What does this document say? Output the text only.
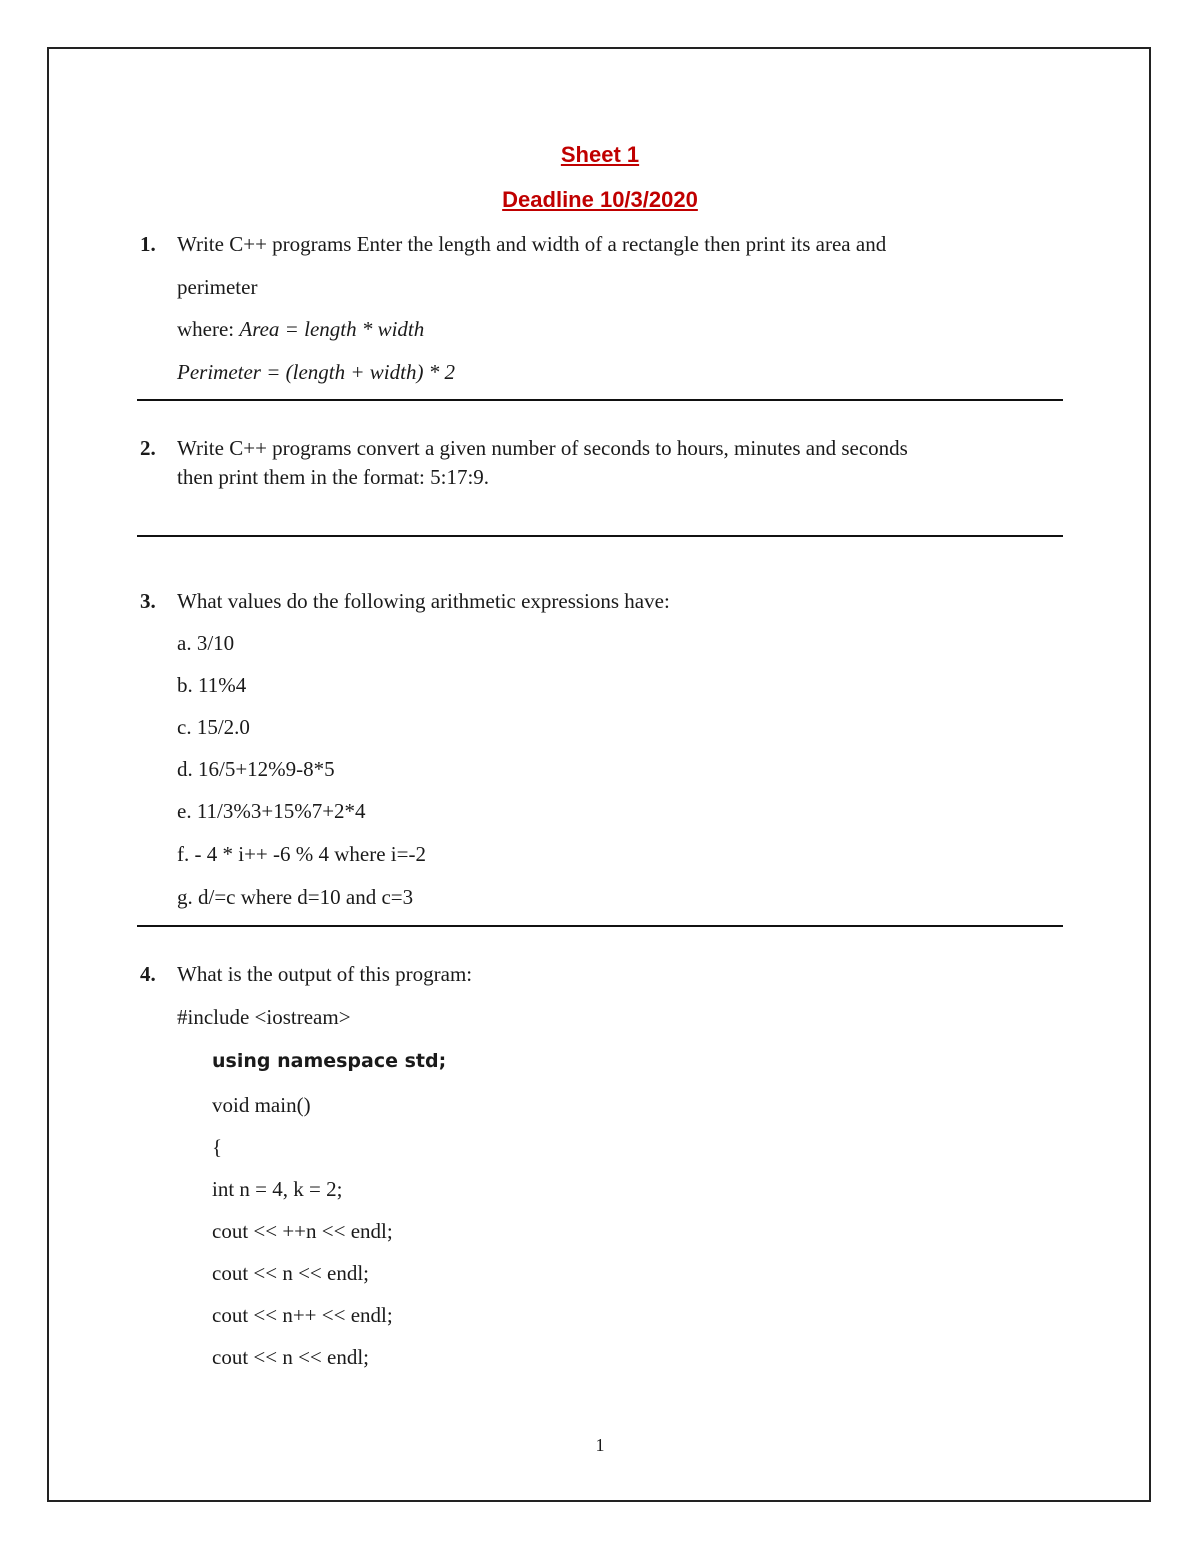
Sheet 1
Deadline 10/3/2020
1. Write C++ programs Enter the length and width of a rectangle then print its area and
perimeter
where: Area = length * width
Perimeter = (length + width) * 2
2. Write C++ programs convert a given number of seconds to hours, minutes and seconds
then print them in the format: 5:17:9.
3. What values do the following arithmetic expressions have:
a. 3/10
b. 11%4
c. 15/2.0
d. 16/5+12%9-8*5
e. 11/3%3+15%7+2*4
f. - 4 * i++ -6 % 4 where i=-2
g. d/=c where d=10 and c=3
4. What is the output of this program:
#include <iostream>
using namespace std;
void main()
{
int n = 4, k = 2;
cout << ++n << endl;
cout << n << endl;
cout << n++ << endl;
cout << n << endl;
1
